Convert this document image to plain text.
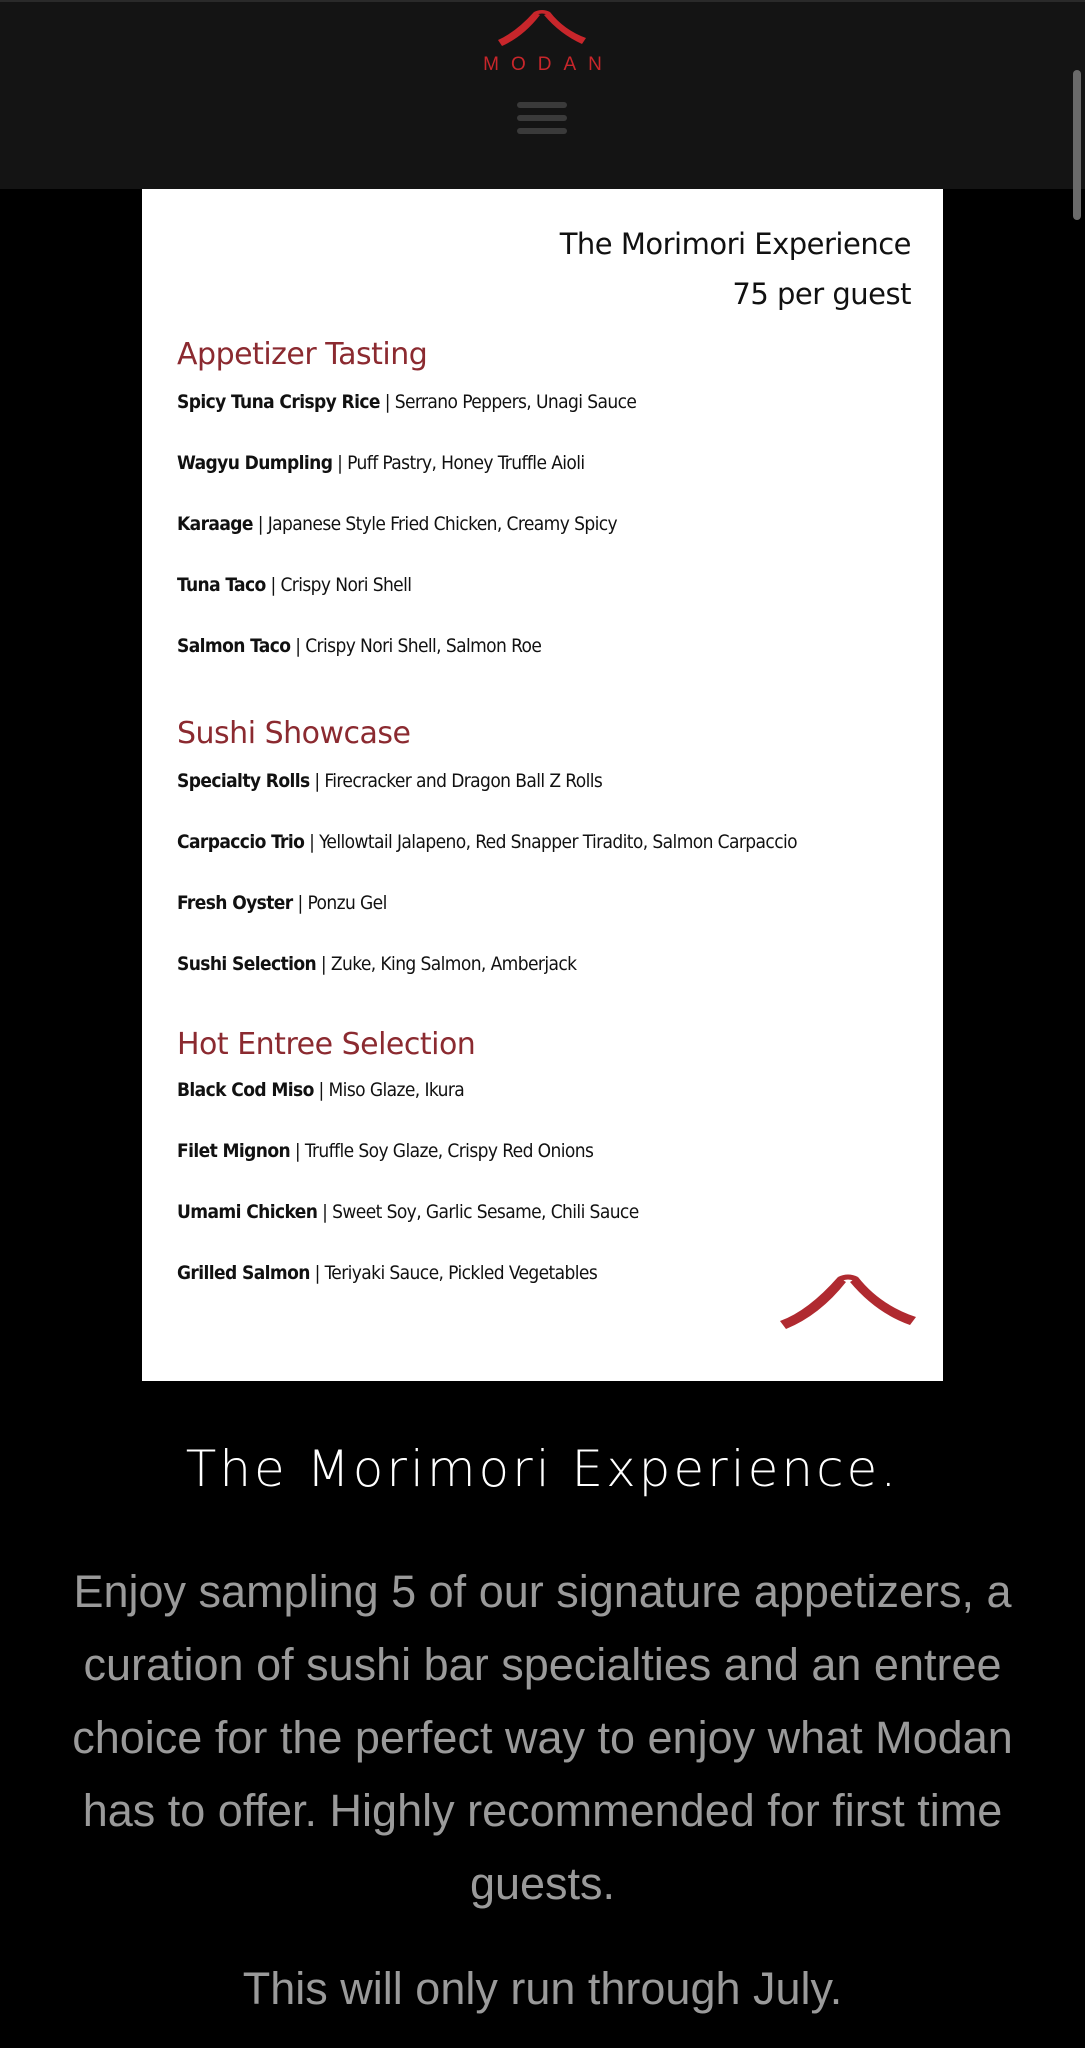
MODAN
The Morimori Experience
75 per guest
Appetizer Tasting
Spicy Tuna Crispy Rice | Serrano Peppers, Unagi Sauce
Wagyu Dumpling | Puff Pastry, Honey Truffle Aioli
Karaage | Japanese Style Fried Chicken, Creamy Spicy
Tuna Taco | Crispy Nori Shell
Salmon Taco | Crispy Nori Shell, Salmon Roe
Sushi Showcase
Specialty Rolls | Firecracker and Dragon Ball Z Rolls
Carpaccio Trio | Yellowtail Jalapeno, Red Snapper Tiradito, Salmon Carpaccio
Fresh Oyster | Ponzu Gel
Sushi Selection | Zuke, King Salmon, Amberjack
Hot Entree Selection
Black Cod Miso | Miso Glaze, Ikura
Filet Mignon | Truffle Soy Glaze, Crispy Red Onions
Umami Chicken | Sweet Soy, Garlic Sesame, Chili Sauce
Grilled Salmon | Teriyaki Sauce, Pickled Vegetables
The Morimori Experience.
Enjoy sampling 5 of our signature appetizers, a curation of sushi bar specialties and an entree choice for the perfect way to enjoy what Modan has to offer. Highly recommended for first time guests.
This will only run through July.
